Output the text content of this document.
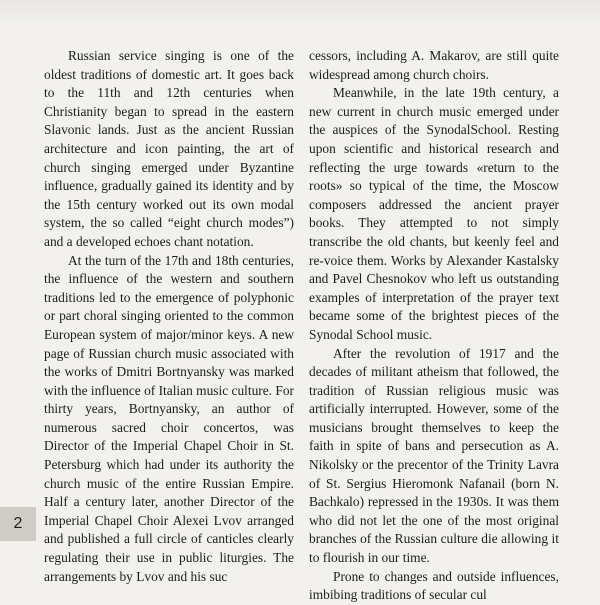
Russian service singing is one of the oldest traditions of domestic art. It goes back to the 11th and 12th centuries when Christianity began to spread in the eastern Slavonic lands. Just as the ancient Russian architecture and icon painting, the art of church singing emerged under Byzantine influence, gradually gained its identity and by the 15th century worked out its own modal system, the so called “eight church modes”) and a developed echoes chant notation.

At the turn of the 17th and 18th centuries, the influence of the western and southern traditions led to the emergence of polyphonic or part choral singing oriented to the common European system of major/minor keys. A new page of Russian church music associated with the works of Dmitri Bortnyansky was marked with the influence of Italian music culture. For thirty years, Bortnyansky, an author of numerous sacred choir concertos, was Director of the Imperial Chapel Choir in St. Petersburg which had under its authority the church music of the entire Russian Empire. Half a century later, another Director of the Imperial Chapel Choir Alexei Lvov arranged and published a full circle of canticles clearly regulating their use in public liturgies. The arrangements by Lvov and his suc

cessors, including A. Makarov, are still quite widespread among church choirs.

Meanwhile, in the late 19th century, a new current in church music emerged under the auspices of the SynodalSchool. Resting upon scientific and historical research and reflecting the urge towards «return to the roots» so typical of the time, the Moscow composers addressed the ancient prayer books. They attempted to not simply transcribe the old chants, but keenly feel and re-voice them. Works by Alexander Kastalsky and Pavel Chesnokov who left us outstanding examples of interpretation of the prayer text became some of the brightest pieces of the Synodal School music.

After the revolution of 1917 and the decades of militant atheism that followed, the tradition of Russian religious music was artificially interrupted. However, some of the musicians brought themselves to keep the faith in spite of bans and persecution as A. Nikolsky or the precentor of the Trinity Lavra of St. Sergius Hieromonk Nafanail (born N. Bachkalo) repressed in the 1930s. It was them who did not let the one of the most original branches of the Russian culture die allowing it to flourish in our time.

Prone to changes and outside influences, imbibing traditions of secular cul

2
